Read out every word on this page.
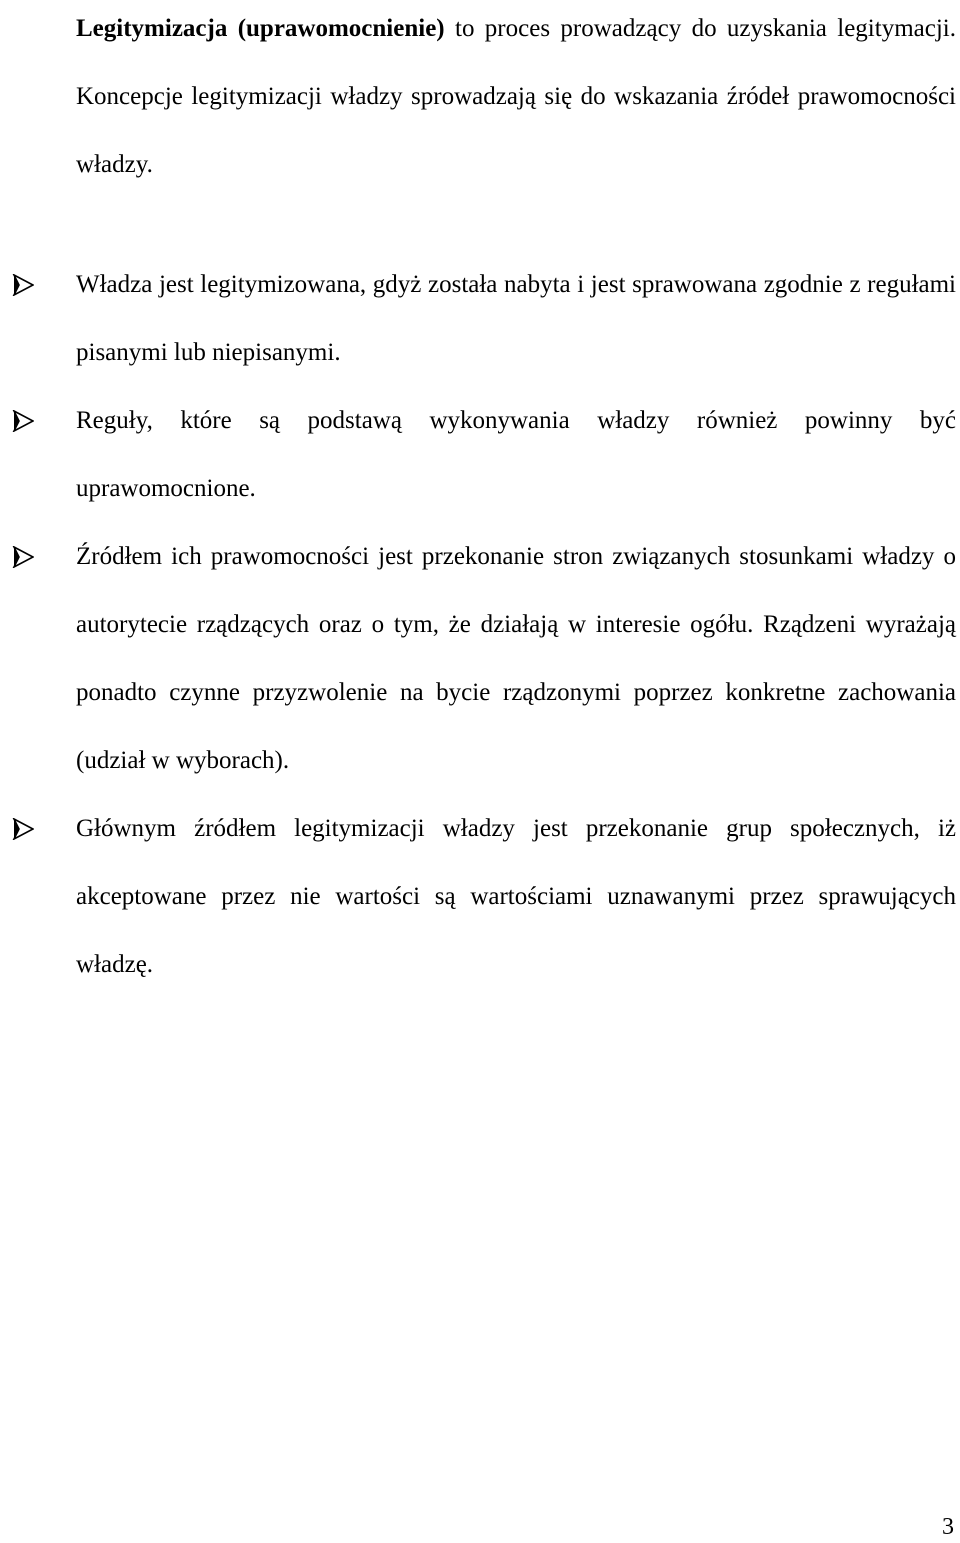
Legitymizacja (uprawomocnienie) to proces prowadzący do uzyskania legitymacji. Koncepcje legitymizacji władzy sprowadzają się do wskazania źródeł prawomocności władzy.

Władza jest legitymizowana, gdyż została nabyta i jest sprawowana zgodnie z regułami pisanymi lub niepisanymi.
Reguły, które są podstawą wykonywania władzy również powinny być uprawomocnione.
Źródłem ich prawomocności jest przekonanie stron związanych stosunkami władzy o autorytecie rządzących oraz o tym, że działają w interesie ogółu. Rządzeni wyrażają ponadto czynne przyzwolenie na bycie rządzonymi poprzez konkretne zachowania (udział w wyborach).
Głównym źródłem legitymizacji władzy jest przekonanie grup społecznych, iż akceptowane przez nie wartości są wartościami uznawanymi przez sprawujących władzę.
3
